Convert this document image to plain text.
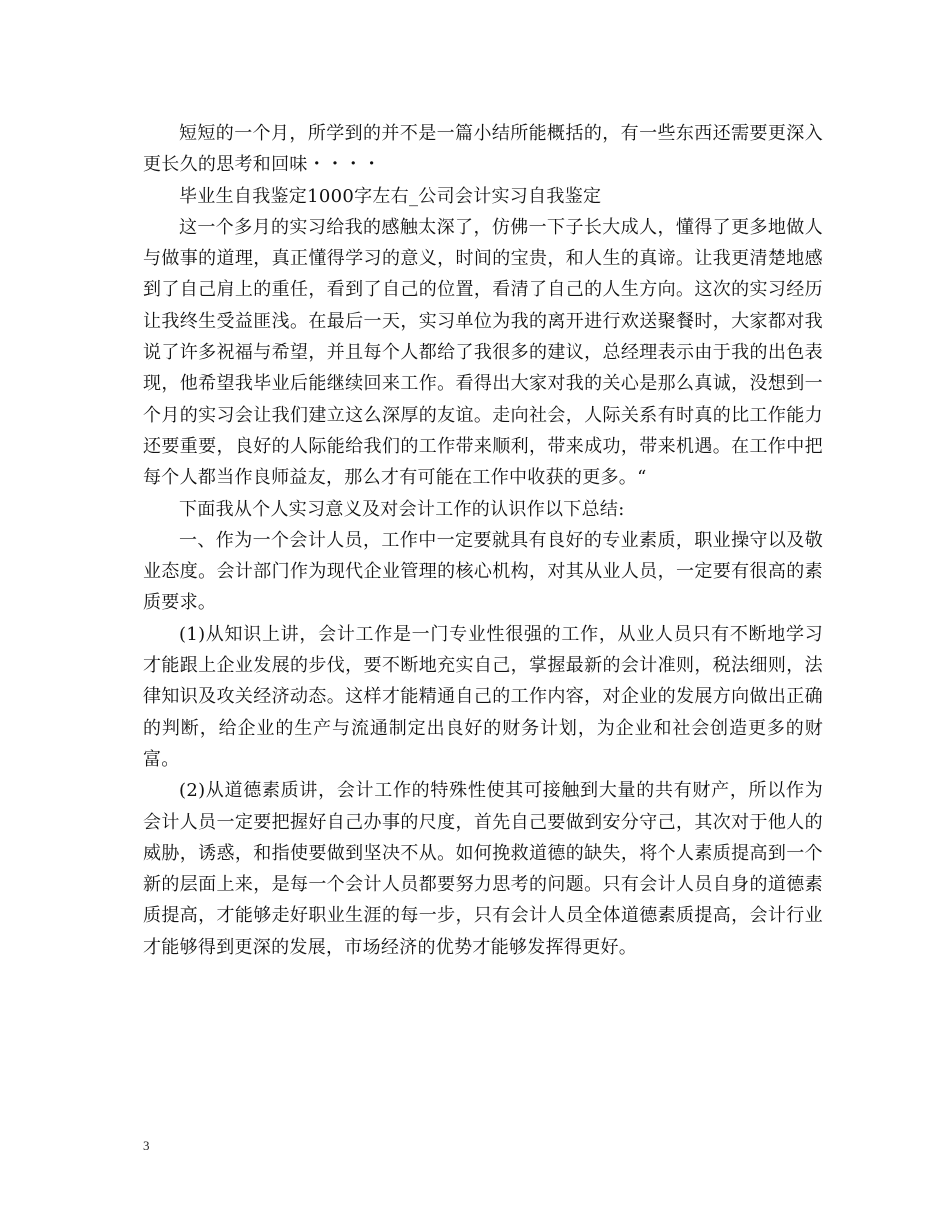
短短的一个月，所学到的并不是一篇小结所能概括的，有一些东西还需要更深入更长久的思考和回味・・・・

毕业生自我鉴定1000字左右_公司会计实习自我鉴定

这一个多月的实习给我的感触太深了，仿佛一下子长大成人，懂得了更多地做人与做事的道理，真正懂得学习的意义，时间的宝贵，和人生的真谛。让我更清楚地感到了自己肩上的重任，看到了自己的位置，看清了自己的人生方向。这次的实习经历让我终生受益匪浅。在最后一天，实习单位为我的离开进行欢送聚餐时，大家都对我说了许多祝福与希望，并且每个人都给了我很多的建议，总经理表示由于我的出色表现，他希望我毕业后能继续回来工作。看得出大家对我的关心是那么真诚，没想到一个月的实习会让我们建立这么深厚的友谊。走向社会，人际关系有时真的比工作能力还要重要，良好的人际能给我们的工作带来顺利，带来成功，带来机遇。在工作中把每个人都当作良师益友，那么才有可能在工作中收获的更多。“

下面我从个人实习意义及对会计工作的认识作以下总结:

一、作为一个会计人员，工作中一定要就具有良好的专业素质，职业操守以及敬业态度。会计部门作为现代企业管理的核心机构，对其从业人员，一定要有很高的素质要求。

(1)从知识上讲，会计工作是一门专业性很强的工作，从业人员只有不断地学习才能跟上企业发展的步伐，要不断地充实自己，掌握最新的会计准则，税法细则，法律知识及攻关经济动态。这样才能精通自己的工作内容，对企业的发展方向做出正确的判断，给企业的生产与流通制定出良好的财务计划，为企业和社会创造更多的财富。

(2)从道德素质讲，会计工作的特殊性使其可接触到大量的共有财产，所以作为会计人员一定要把握好自己办事的尺度，首先自己要做到安分守己，其次对于他人的威胁，诱惑，和指使要做到坚决不从。如何挽救道德的缺失，将个人素质提高到一个新的层面上来，是每一个会计人员都要努力思考的问题。只有会计人员自身的道德素质提高，才能够走好职业生涯的每一步，只有会计人员全体道德素质提高，会计行业才能够得到更深的发展，市场经济的优势才能够发挥得更好。

3
